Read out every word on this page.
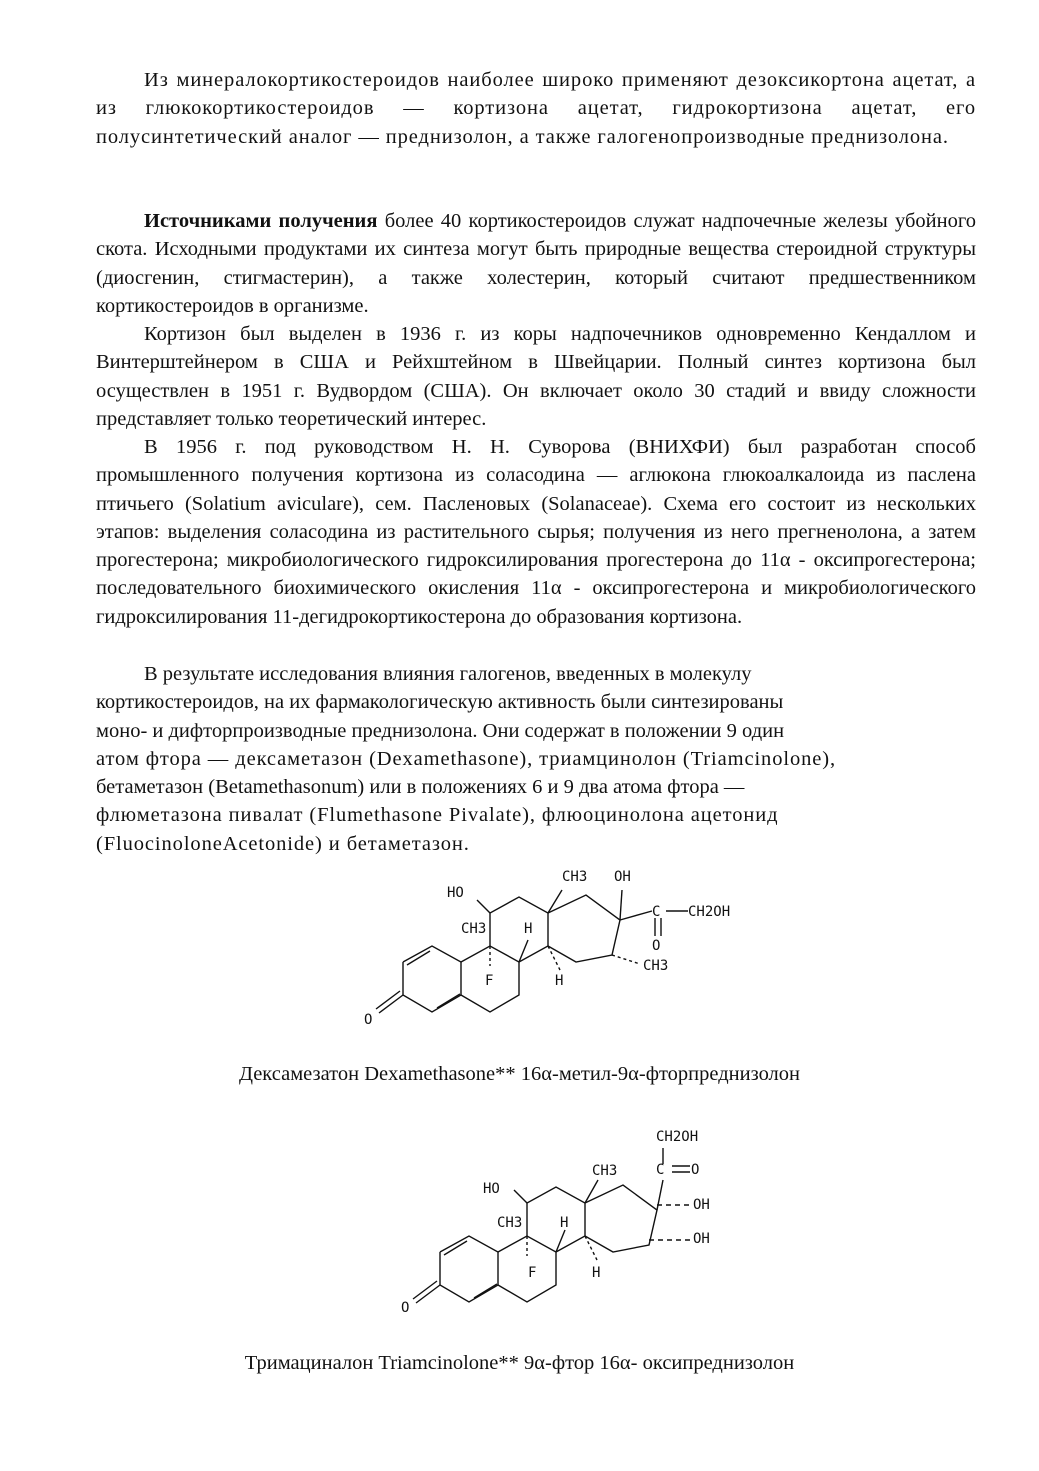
Из минералокортикостероидов наиболее широко применяют дезоксикортона ацетат, а из глюкокортикостероидов — кортизона ацетат, гидрокортизона ацетат, его полусинтетический аналог — преднизолон, а также галогенопроизводные преднизолона.

Источниками получения более 40 кортикостероидов служат надпочечные железы убойного скота. Исходными продуктами их синтеза могут быть природные вещества стероидной структуры (диосгенин, стигмастерин), а также холестерин, который считают предшественником кортикостероидов в организме.

Кортизон был выделен в 1936 г. из коры надпочечников одновременно Кендаллом и Винтерштейнером в США и Рейхштейном в Швейцарии. Полный синтез кортизона был осуществлен в 1951 г. Вудвордом (США). Он включает около 30 стадий и ввиду сложности представляет только теоретический интерес.

В 1956 г. под руководством Н. Н. Суворова (ВНИХФИ) был разработан способ промышленного получения кортизона из соласодина — аглюкона глюкоалкалоида из паслена птичьего (Solatium aviculare), сем. Пасленовых (Solanaceae). Схема его состоит из нескольких этапов: выделения соласодина из растительного сырья; получения из него прегненолона, а затем прогестерона; микробиологического гидроксилирования прогестерона до 11α - оксипрогестерона; последовательного биохимического окисления 11α - оксипрогестерона и микробиологического гидроксилирования 11-дегидрокортикостерона до образования кортизона.

В результате исследования влияния галогенов, введенных в молекулу
кортикостероидов, на их фармакологическую активность были синтезированы
моно- и дифторпроизводные преднизолона. Они содержат в положении 9 один
атом фтора — дексаметазон (Dexamethasone), триамцинолон (Triamcinolone),
бетаметазон (Betamethasonum) или в положениях 6 и 9 два атома фтора —
флюметазона пивалат (Flumethasone Pivalate), флюоцинолона ацетонид
(FluocinoloneAcetonide) и бетаметазон.
CH3 OH
HO
C CH2OH
CH3	H
O
CH3
F	H
O
Дексамезатон Dexamethasone** 16α-метил-9α-фторпреднизолон
CH2OH
C O
CH3
HO
OH
CH3	H
OH
F	H
O
Тримациналон Triamcinolone** 9α-фтор 16α- оксипреднизолон
